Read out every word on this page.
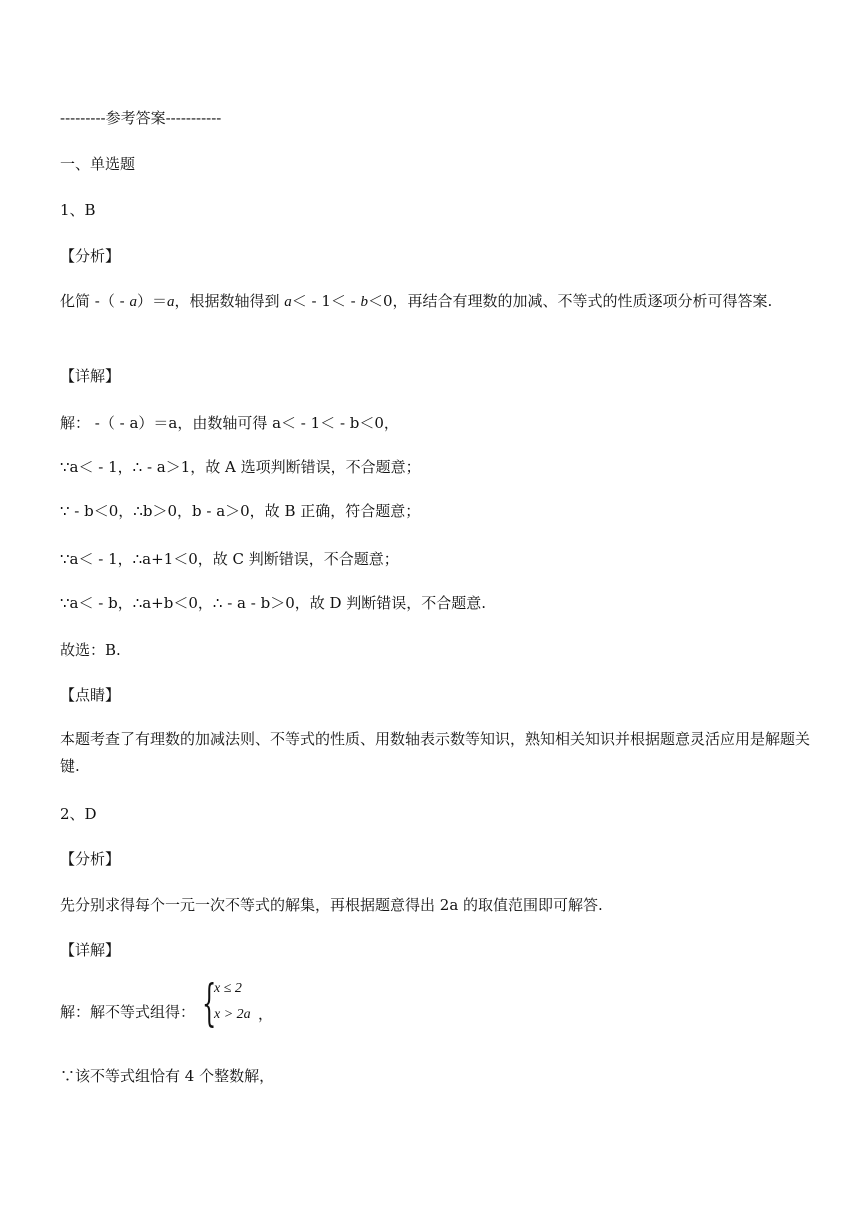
---------参考答案-----------
一、单选题
1、B
【分析】
化简 -（ - a）＝a，根据数轴得到 a＜ - 1＜ - b＜0，再结合有理数的加减、不等式的性质逐项分析可得答案.
【详解】
解： -（ - a）＝a，由数轴可得 a＜ - 1＜ - b＜0，
∵a＜ - 1，∴ - a＞1，故 A 选项判断错误，不合题意；
∵ - b＜0，∴b＞0，b - a＞0，故 B 正确，符合题意；
∵a＜ - 1，∴a+1＜0，故 C 判断错误，不合题意；
∵a＜ - b，∴a+b＜0，∴ - a - b＞0，故 D 判断错误，不合题意.
故选：B.
【点睛】
本题考查了有理数的加减法则、不等式的性质、用数轴表示数等知识，熟知相关知识并根据题意灵活应用是解题关键.
2、D
【分析】
先分别求得每个一元一次不等式的解集，再根据题意得出 2a 的取值范围即可解答.
【详解】
解：解不等式组得： {
x ≤ 2
x > 2a ，
∵该不等式组恰有 4 个整数解，
